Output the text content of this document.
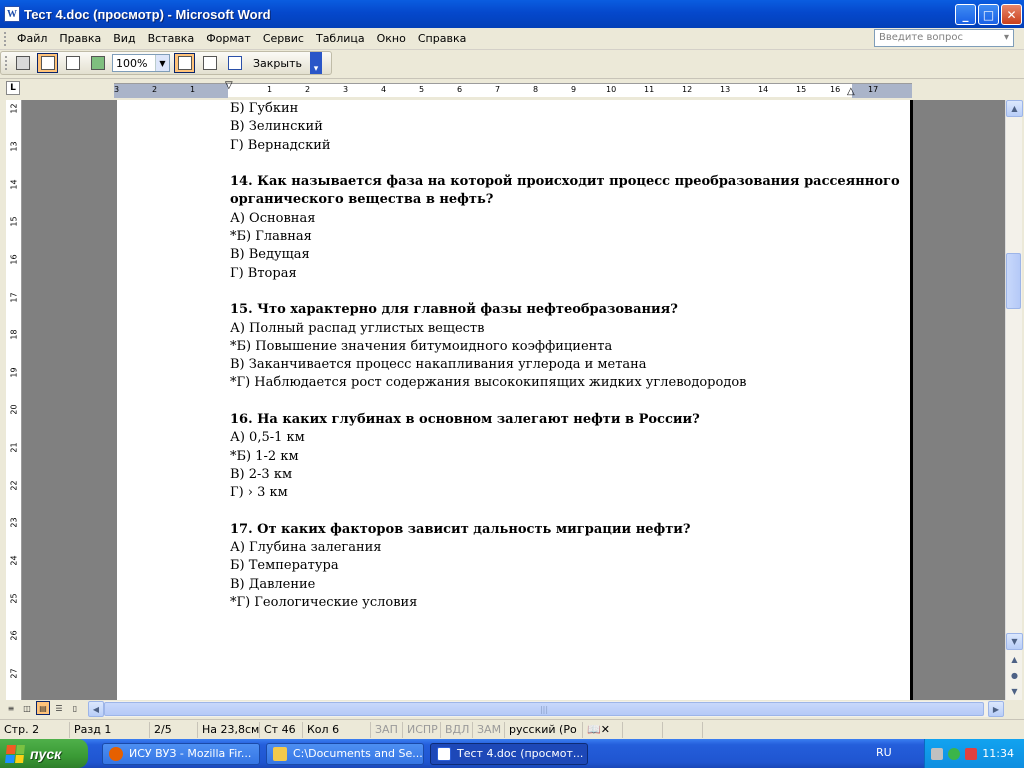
W Тест 4.doc (просмотр) - Microsoft Word	_ □ ✕
Файл	Правка	Вид	Вставка	Формат	Сервис	Таблица	Окно	Справка	Введите вопрос	▾
100%	▼	Закрыть	▾
L	3	2	1	1	2	3	4	5	6	7	8	9	10	11	12	13	14	15	16	17
▽
△
12
13
14
15
16
17
18
19
20
21
22
23
24
25
26
27
Б) Губкин
В) Зелинский
Г) Вернадский
14. Как называется фаза на которой происходит процесс преобразования рассеянного
органического вещества в нефть?
А) Основная
*Б) Главная
В) Ведущая
Г) Вторая
15. Что характерно для главной фазы нефтеобразования?
А) Полный распад углистых веществ
*Б) Повышение значения битумоидного коэффициента
В) Заканчивается процесс накапливания углерода и метана
*Г) Наблюдается рост содержания высококипящих жидких углеводородов
16. На каких глубинах в основном залегают нефти в России?
А) 0,5-1 км
*Б) 1-2 км
В) 2-3 км
Г) › 3 км
17. От каких факторов зависит дальность миграции нефти?
А) Глубина залегания
Б) Температура
В) Давление
*Г) Геологические условия
▲
▼
▲
●
▼
≡	◫	▤	☰	▯	◀	▶
|||
Стр. 2	Разд 1	2/5	На 23,8см Ст 46	Кол 6	ЗАП ИСПР ВДЛ ЗАМ русский (Ро 📖✕
пуск	ИСУ ВУЗ - Mozilla Fir...	C:\Documents and Se...	Тест 4.doc (просмот...	11:34
RU
